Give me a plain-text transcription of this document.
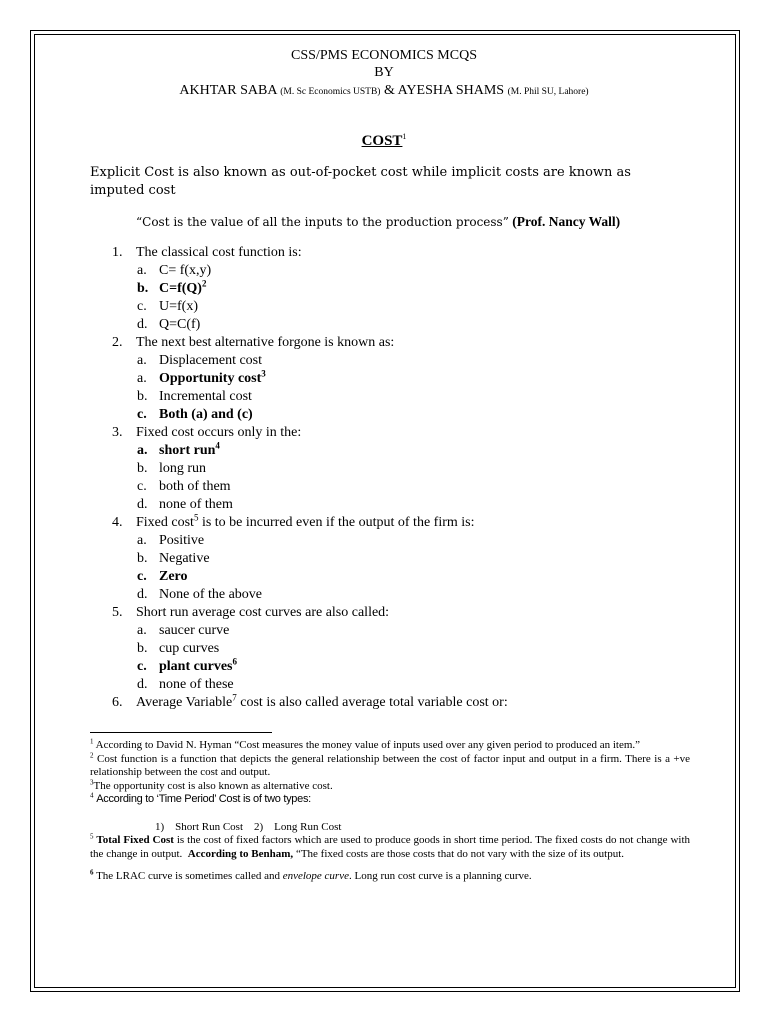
CSS/PMS ECONOMICS MCQS
BY
AKHTAR SABA (M. Sc Economics USTB) & AYESHA SHAMS (M. Phil SU, Lahore)
COST$^1$
Explicit Cost is also known as out-of-pocket cost while implicit costs are known as imputed cost
“Cost is the value of all the inputs to the production process” (Prof. Nancy Wall)
1. The classical cost function is:
a. C= f(x,y)
b. $C=f(Q)^2$
c. U=f(x)
d. Q=C(f)
2. The next best alternative forgone is known as:
a. Displacement cost
a. Opportunity cost$^3$
b. Incremental cost
c. Both (a) and (c)
3. Fixed cost occurs only in the:
a. short run$^4$
b. long run
c. both of them
d. none of them
4. Fixed cost$^5$ is to be incurred even if the output of the firm is:
a. Positive
b. Negative
c. Zero
d. None of the above
5. Short run average cost curves are also called:
a. saucer curve
b. cup curves
c. plant curves$^6$
d. none of these
6. Average Variable$^7$ cost is also called average total variable cost or:

$^1$ According to David N. Hyman “Cost measures the money value of inputs used over any given period to produced an item.”

$^2$ Cost function is a function that depicts the general relationship between the cost of factor input and output in a firm. There is a +ve relationship between the cost and output.

$^3$The opportunity cost is also known as alternative cost.

$^4$ According to ‘Time Period’ Cost is of two types:

1)    Short Run Cost    2)    Long Run Cost

$^5$ Total Fixed Cost is the cost of fixed factors which are used to produce goods in short time period. The fixed costs do not change with the change in output.  According to Benham, “The fixed costs are those costs that do not vary with the size of its output.

$^6$ The LRAC curve is sometimes called and envelope curve. Long run cost curve is a planning curve.
